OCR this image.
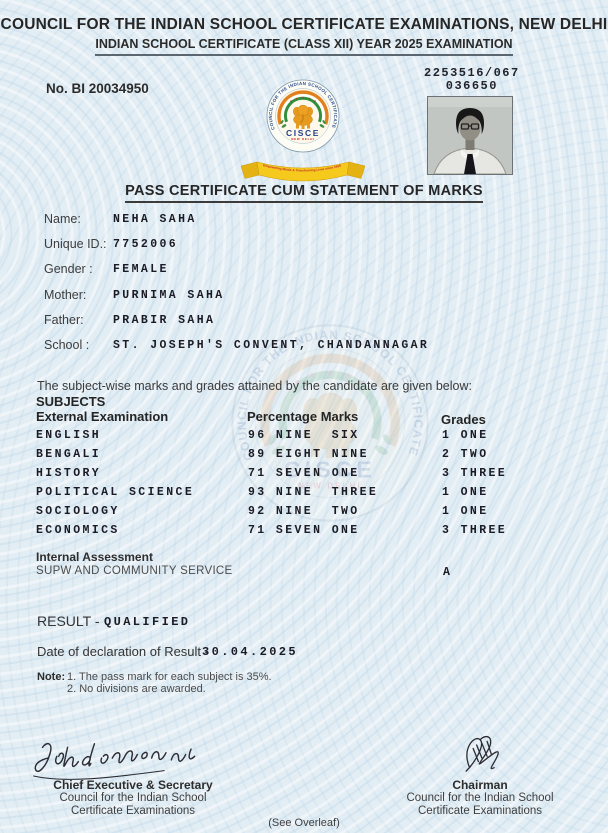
COUNCIL FOR THE INDIAN SCHOOL CERTIFICATE EXAMINATIONS, NEW DELHI
INDIAN SCHOOL CERTIFICATE (CLASS XII) YEAR 2025 EXAMINATION
No. BI 20034950
2253516/067
036650
PASS CERTIFICATE CUM STATEMENT OF MARKS
Name:	NEHA SAHA
Unique ID.: 7752006
Gender : FEMALE
Mother: PURNIMA SAHA
Father:	PRABIR SAHA
School : ST. JOSEPH'S CONVENT, CHANDANNAGAR
The subject-wise marks and grades attained by the candidate are given below:
SUBJECTS
External Examination	Percentage Marks	Grades
ENGLISH	96 NINE  SIX	1 ONE
BENGALI	89 EIGHT NINE	2 TWO
HISTORY	71 SEVEN ONE	3 THREE
POLITICAL SCIENCE	93 NINE  THREE	1 ONE
SOCIOLOGY	92 NINE  TWO	1 ONE
ECONOMICS	71 SEVEN ONE	3 THREE
Internal Assessment
SUPW AND COMMUNITY SERVICE	A
RESULT - QUALIFIED
Date of declaration of Result -
30.04.2025
Note: 1. The pass mark for each subject is 35%.
2. No divisions are awarded.
Chief Executive & Secretary
Council for the Indian School
Certificate Examinations
Chairman
Council for the Indian School
Certificate Examinations
(See Overleaf)
